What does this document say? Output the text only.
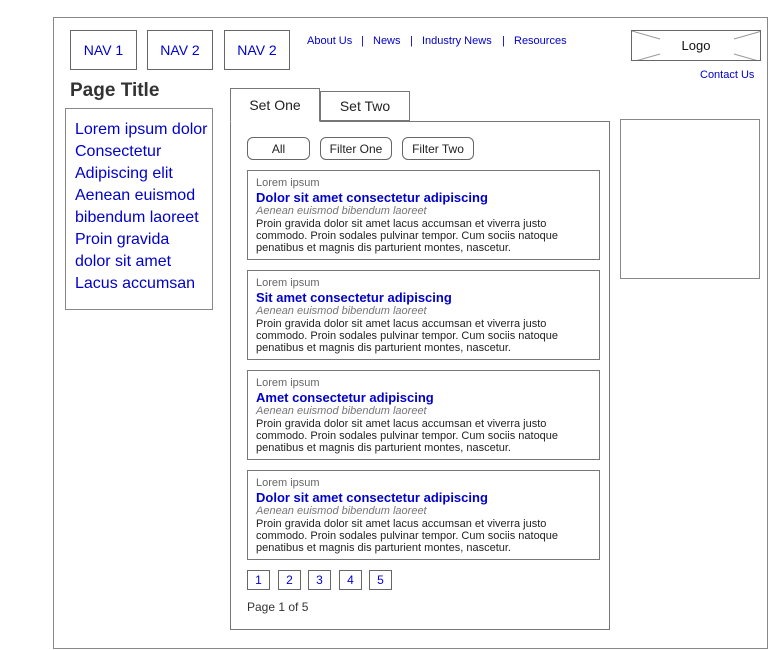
NAV 1	NAV 2	NAV 2
About Us | News | Industry News | Resources	Logo
Contact Us
Page Title
Lorem ipsum dolor
Consectetur
Adipiscing elit
Aenean euismod
bibendum laoreet
Proin gravida
dolor sit amet
Lacus accumsan
Set One	Set Two
All	Filter One	Filter Two
Lorem ipsum
Dolor sit amet consectetur adipiscing
Aenean euismod bibendum laoreet
Proin gravida dolor sit amet lacus accumsan et viverra justo commodo. Proin sodales pulvinar tempor. Cum sociis natoque penatibus et magnis dis parturient montes, nascetur.
Lorem ipsum
Sit amet consectetur adipiscing
Aenean euismod bibendum laoreet
Proin gravida dolor sit amet lacus accumsan et viverra justo commodo. Proin sodales pulvinar tempor. Cum sociis natoque penatibus et magnis dis parturient montes, nascetur.
Lorem ipsum
Amet consectetur adipiscing
Aenean euismod bibendum laoreet
Proin gravida dolor sit amet lacus accumsan et viverra justo commodo. Proin sodales pulvinar tempor. Cum sociis natoque penatibus et magnis dis parturient montes, nascetur.
Lorem ipsum
Dolor sit amet consectetur adipiscing
Aenean euismod bibendum laoreet
Proin gravida dolor sit amet lacus accumsan et viverra justo commodo. Proin sodales pulvinar tempor. Cum sociis natoque penatibus et magnis dis parturient montes, nascetur.
1	2	3	4	5
Page 1 of 5
